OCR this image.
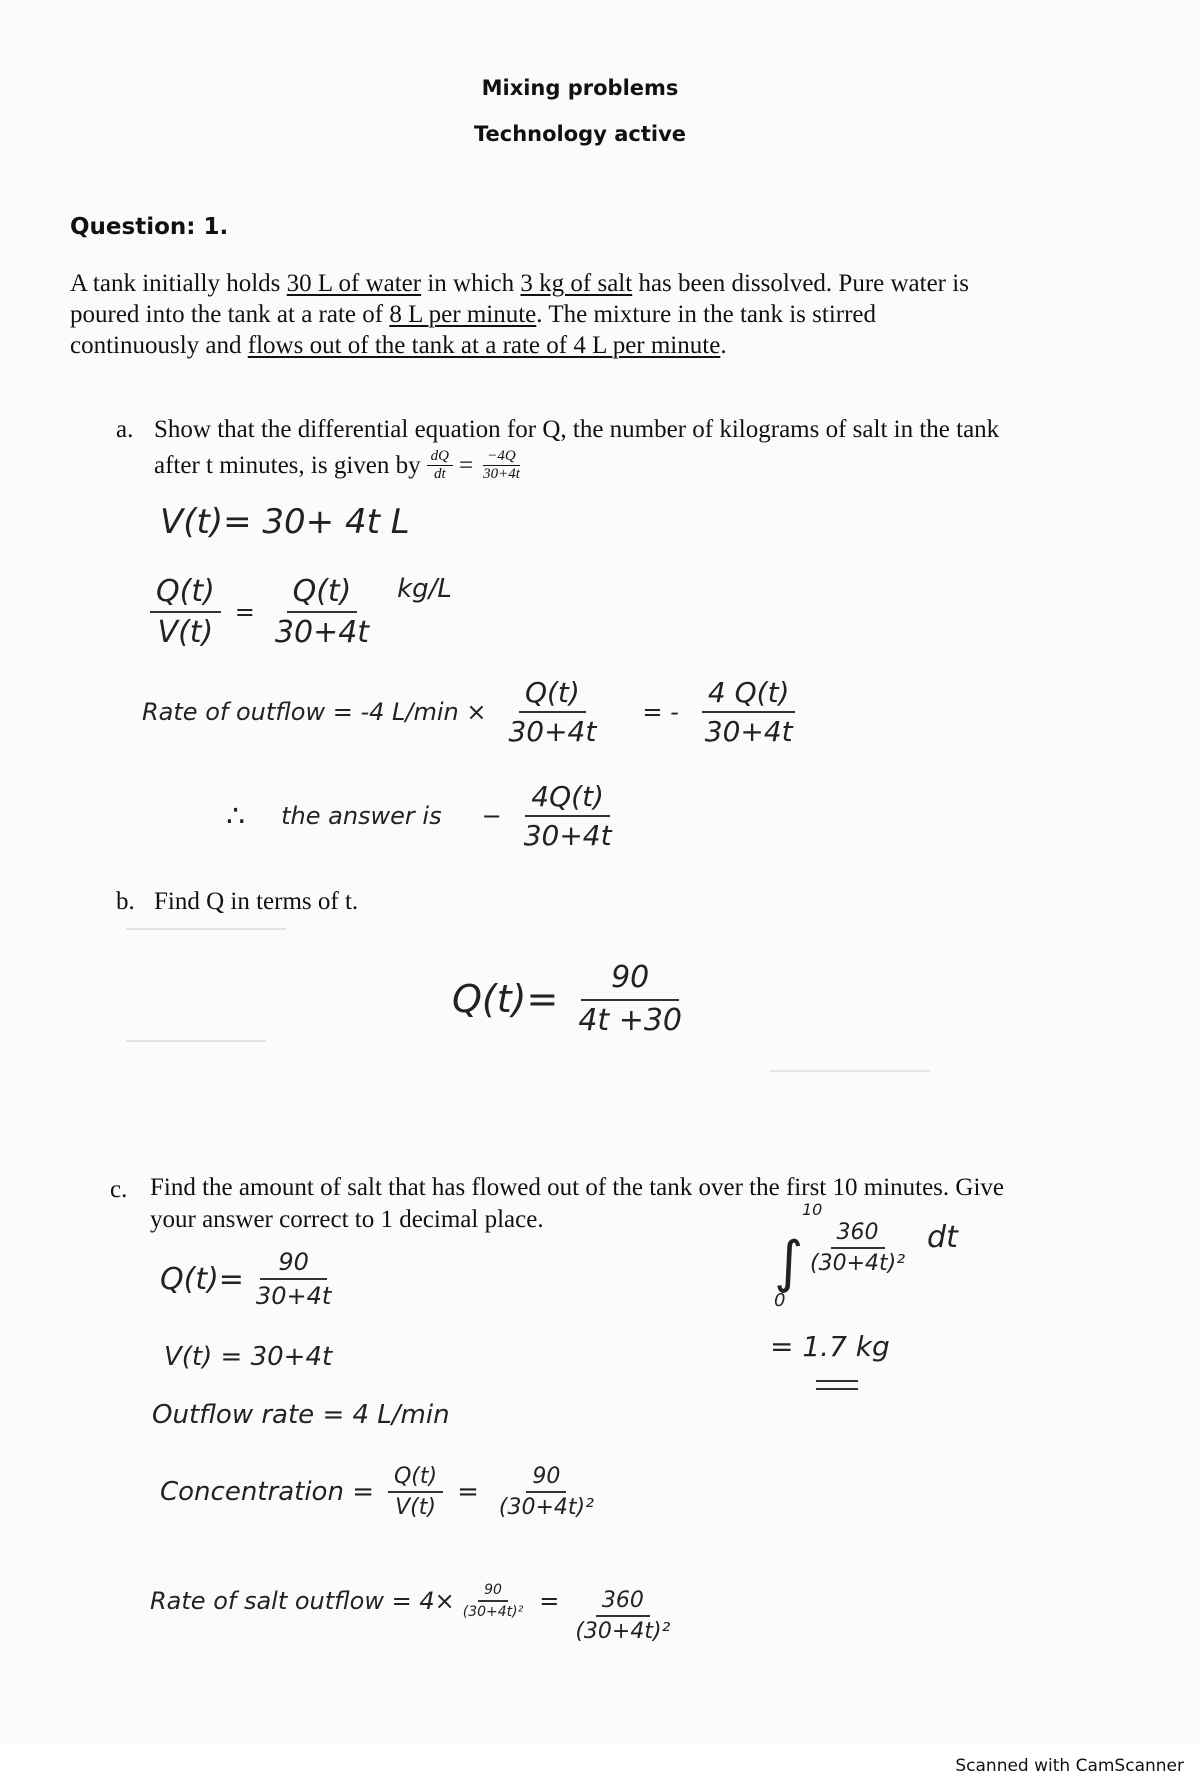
Mixing problems
Technology active
Question: 1.
A tank initially holds 30 L of water in which 3 kg of salt has been dissolved. Pure water is
poured into the tank at a rate of 8 L per minute. The mixture in the tank is stirred
continuously and flows out of the tank at a rate of 4 L per minute.
a. Show that the differential equation for Q, the number of kilograms of salt in the tank
after t minutes, is given by $\frac{dQ}{dt} = \frac{-4Q}{30+4t}$
V(t)= 30+ 4t L
$\frac{Q(t)}{V(t)} = \frac{Q(t)}{30+4t} kg/L$
Rate of outflow = -4 $L/\min \times \frac{Q(t)}{30+4t}$ = - $\frac{4 Q(t)}{30+4t}$
∴ the answer is − $\frac{4Q(t)}{30+4t}$
b. Find Q in terms of t.
$Q(t)= \frac{90}{4t +30}$
c. Find the amount of salt that has flowed out of the tank over the first 10 minutes. Give
your answer correct to 1 decimal place.
$Q(t)= \frac{90}{30+4t}$
V(t) = 30+4t
Outflow rate = 4 L/min
Concentration = $\frac{Q(t)}{V(t)} = \frac{90}{\text{(30+4t)²}}$
Rate of salt outflow = $4\times \frac{90}{\text{(30+4t)²}} = \frac{360}{\text{(30+4t)²}}$
10
∫
0
$\frac{360}{\text{(30+4t)²}}$ dt
= 1.7 kg
Scanned with CamScanner
